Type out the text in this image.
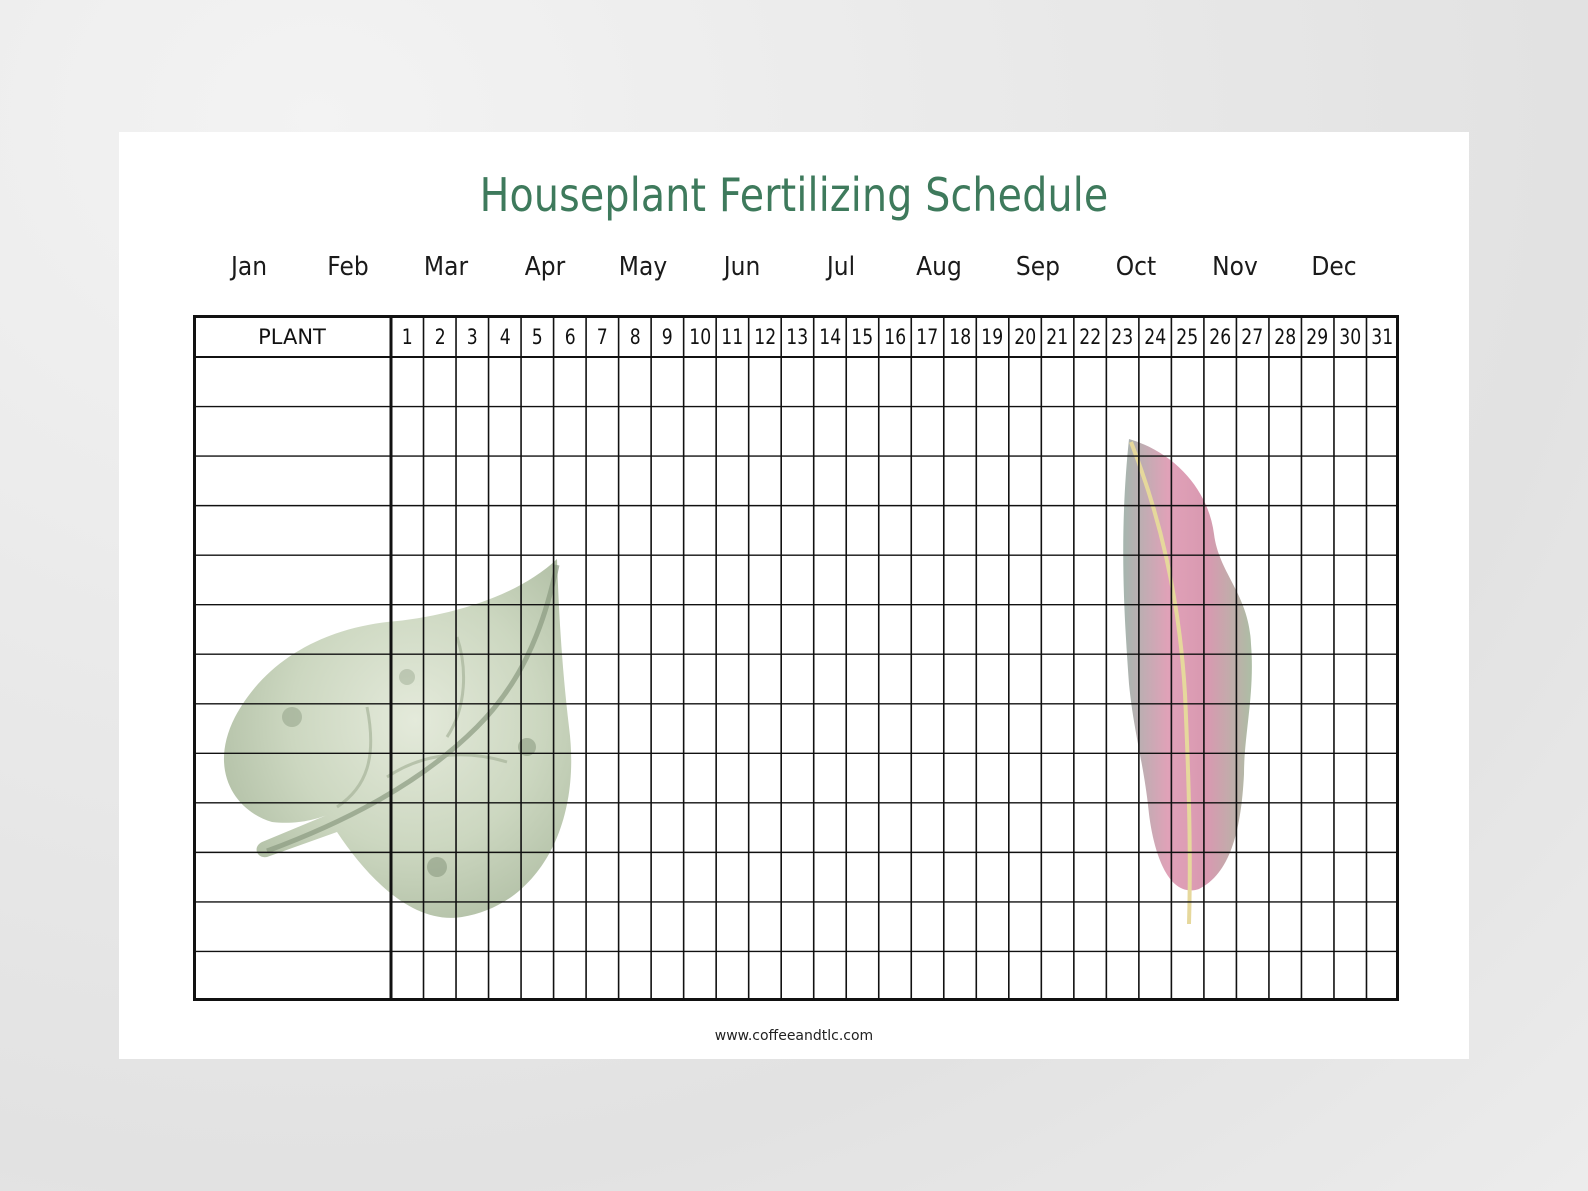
Houseplant Fertilizing Schedule
Jan	Feb	Mar	Apr	May	Jun	Jul	Aug	Sep	Oct	Nov	Dec
PLANT	1	2	3	4	5	6	7	8	9 10 11 12 13 14 15 16 17 18 19 20 21 22 23 24 25 26 27 28 29 30 31
www.coffeeandtlc.com
